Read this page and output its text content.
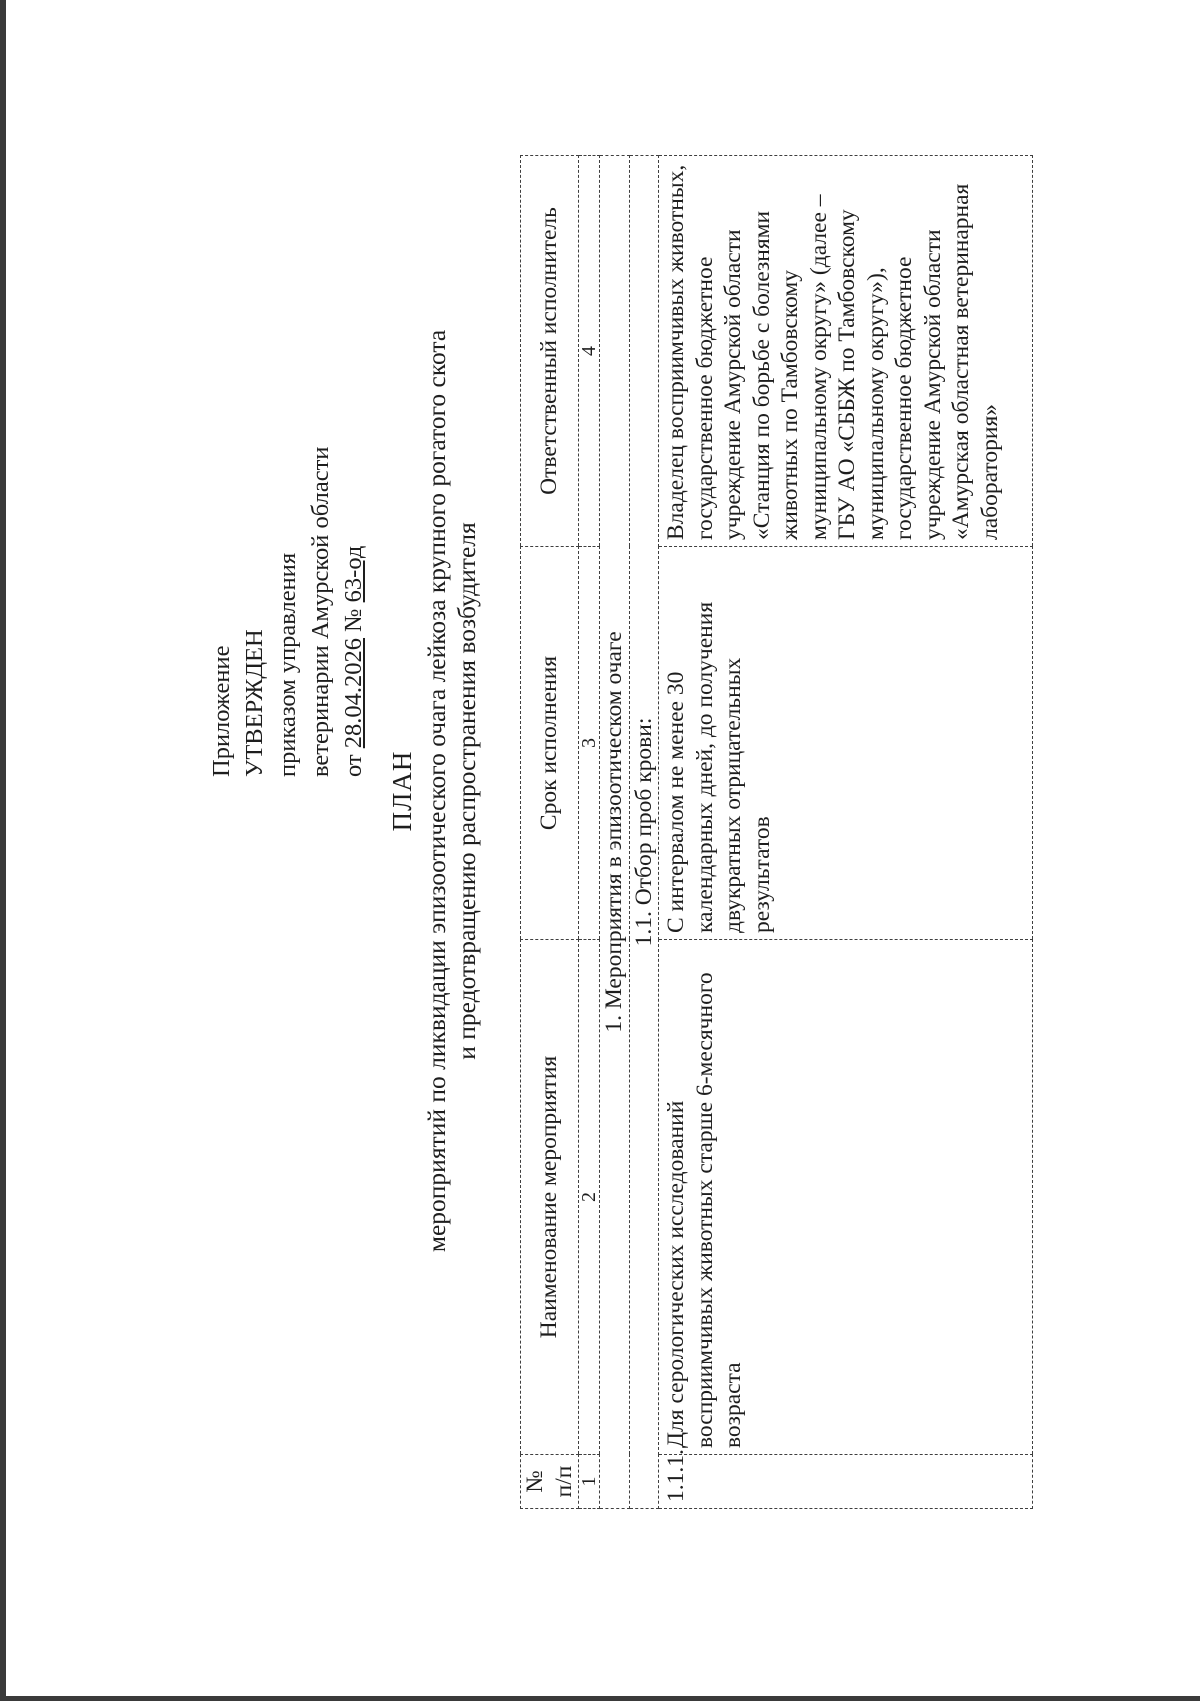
Приложение УТВЕРЖДЕН приказом управления ветеринарии Амурской области от 28.04.2026 № 63-од
ПЛАН мероприятий по ликвидации эпизоотического очага лейкоза крупного рогатого скота и предотвращению распространения возбудителя
№ п/п	Наименование мероприятия	Срок исполнения	Ответственный исполнитель
1	2	3	4
1. Мероприятия в эпизоотическом очаге			
1.1. Отбор проб крови:			
1.1.1.	Для серологических исследований восприимчивых животных старше 6-месячного возраста	С интервалом не менее 30 календарных дней, до получения двукратных отрицательных результатов	Владелец восприимчивых животных, государственное бюджетное учреждение Амурской области «Станция по борьбе с болезнями животных по Тамбовскому муниципальному округу» (далее – ГБУ АО «СББЖ по Тамбовскому муниципальному округу»), государственное бюджетное учреждение Амурской области «Амурская областная ветеринарная лаборатория»
